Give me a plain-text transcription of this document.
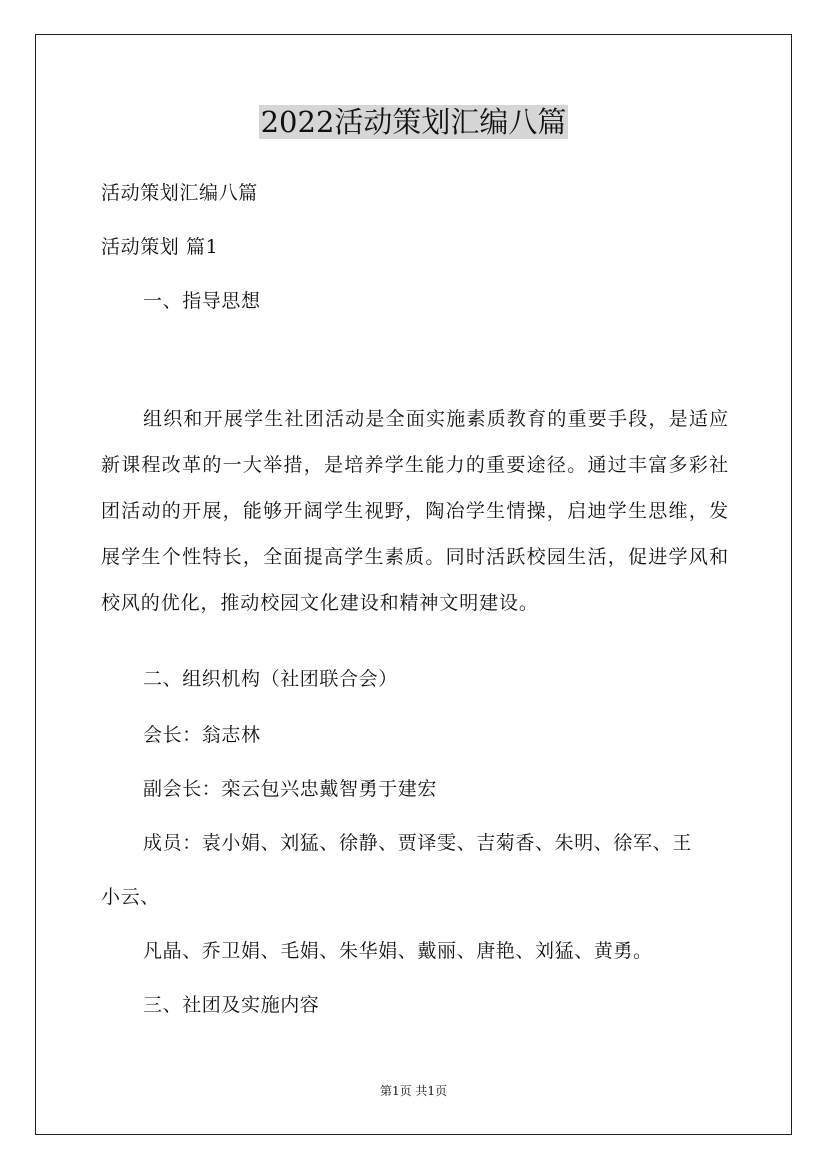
2022活动策划汇编八篇
活动策划汇编八篇
活动策划 篇1
一、指导思想
组织和开展学生社团活动是全面实施素质教育的重要手段，是适应新课程改革的一大举措，是培养学生能力的重要途径。通过丰富多彩社团活动的开展，能够开阔学生视野，陶冶学生情操，启迪学生思维，发展学生个性特长，全面提高学生素质。同时活跃校园生活，促进学风和校风的优化，推动校园文化建设和精神文明建设。
二、组织机构（社团联合会）
会长：翁志林
副会长：栾云包兴忠戴智勇于建宏
成员：袁小娟、刘猛、徐静、贾译雯、吉菊香、朱明、徐军、王
小云、
凡晶、乔卫娟、毛娟、朱华娟、戴丽、唐艳、刘猛、黄勇。
三、社团及实施内容
第1页 共1页
